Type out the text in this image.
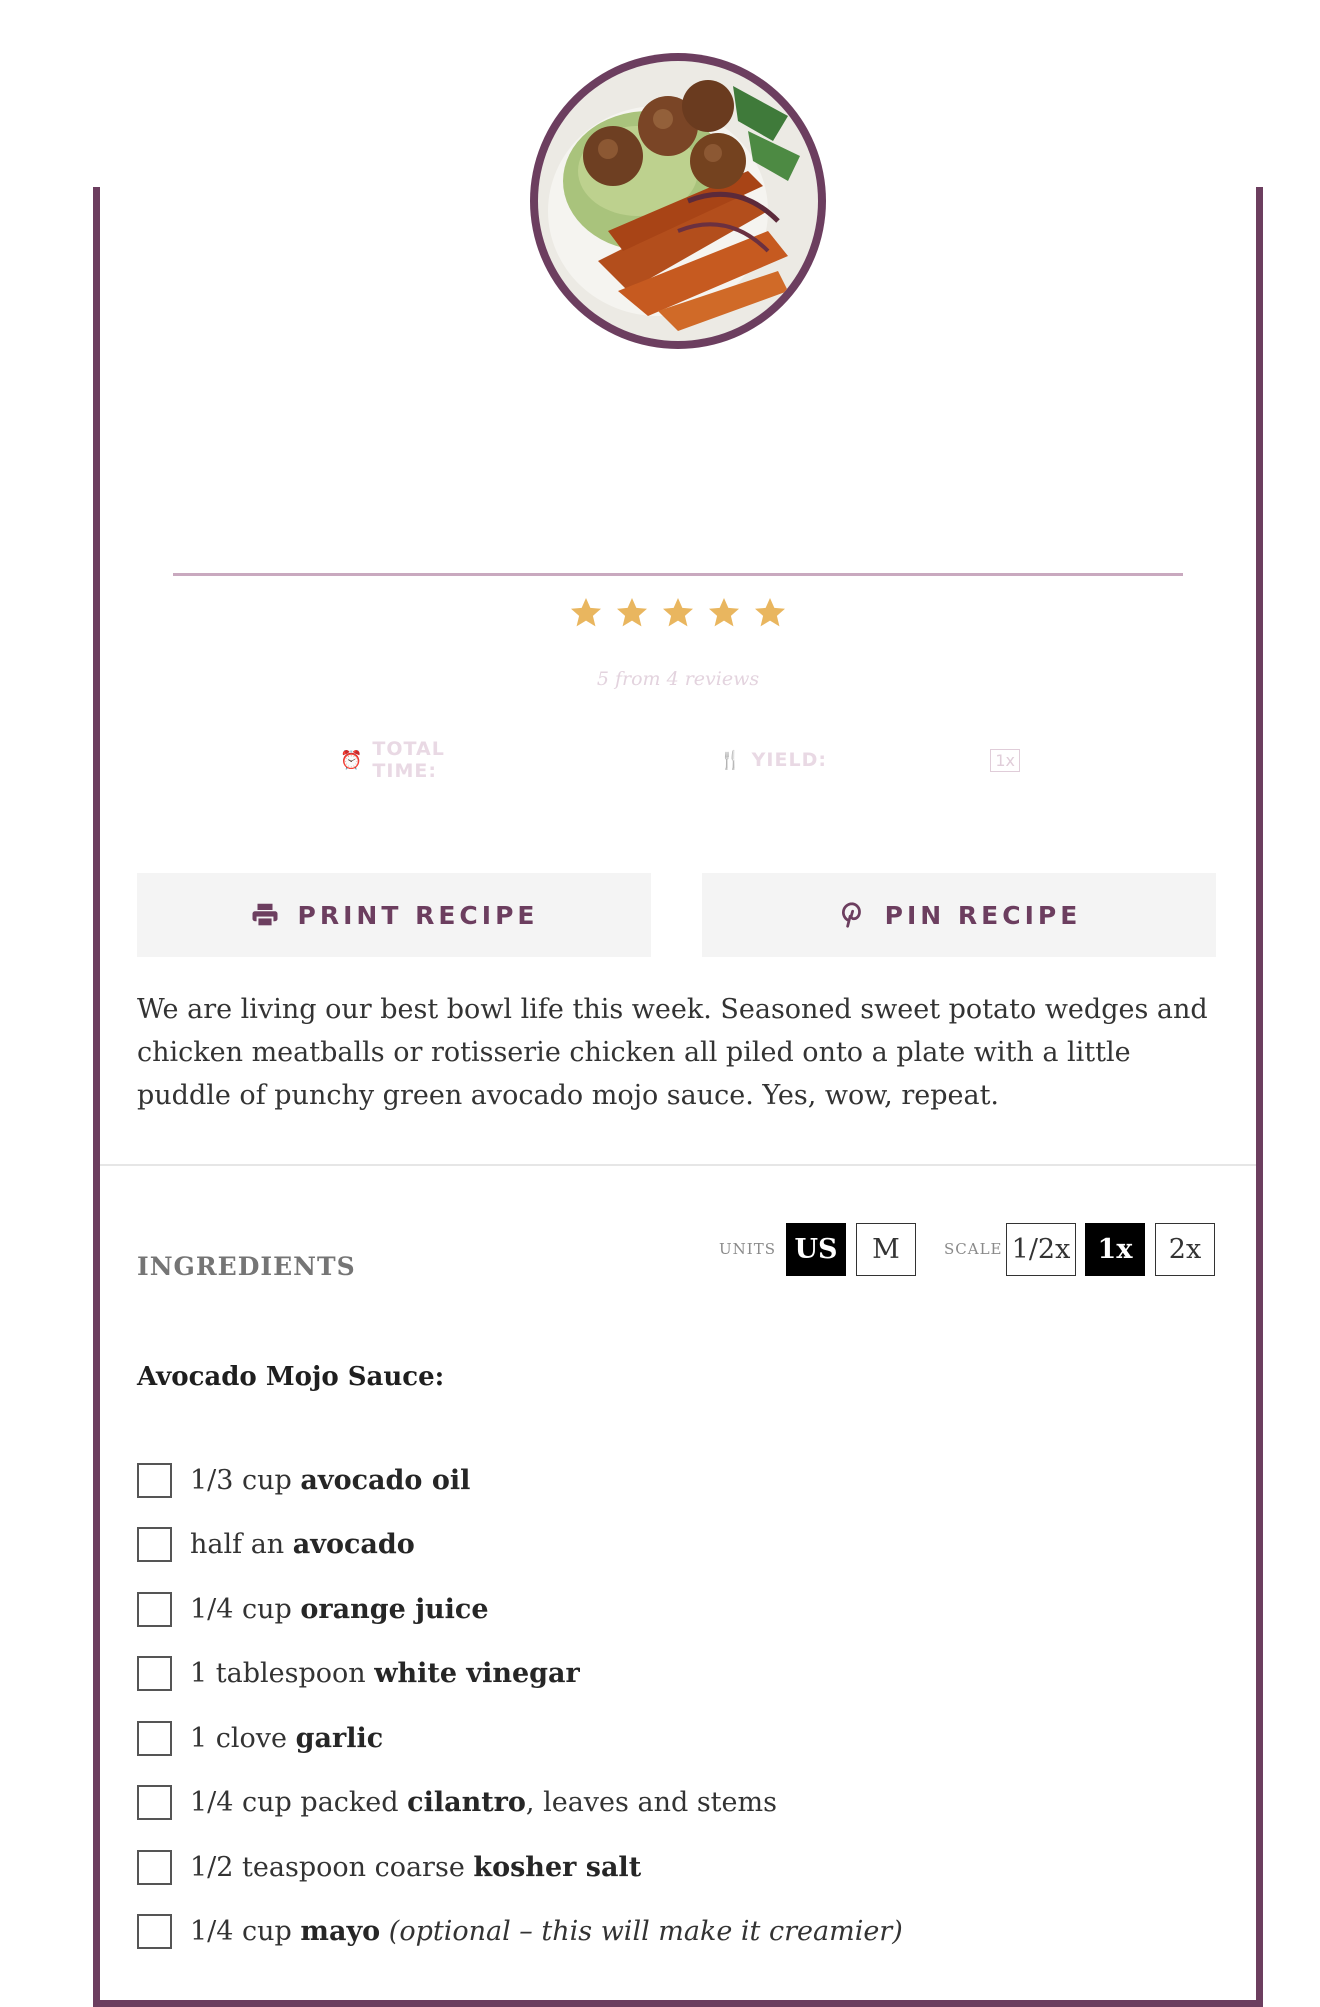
Avocado Mojo Bowls With Sweet Potato
5 from 4 reviews
⏰ TOTAL TIME:
40 minutes	🍴 YIELD: 4 servings	1x
PRINT RECIPE	PIN RECIPE

We are living our best bowl life this week. Seasoned sweet potato wedges and chicken meatballs or rotisserie chicken all piled onto a plate with a little puddle of punchy green avocado mojo sauce. Yes, wow, repeat.

INGREDIENTS
UNITS US	M	SCALE 1/2x	1x	2x
Avocado Mojo Sauce:
1/3 cup avocado oil
half an avocado
1/4 cup orange juice
1 tablespoon white vinegar
1 clove garlic
1/4 cup packed cilantro , leaves and stems
1/2 teaspoon coarse kosher salt
1/4 cup mayo
(optional – this will make it creamier)
